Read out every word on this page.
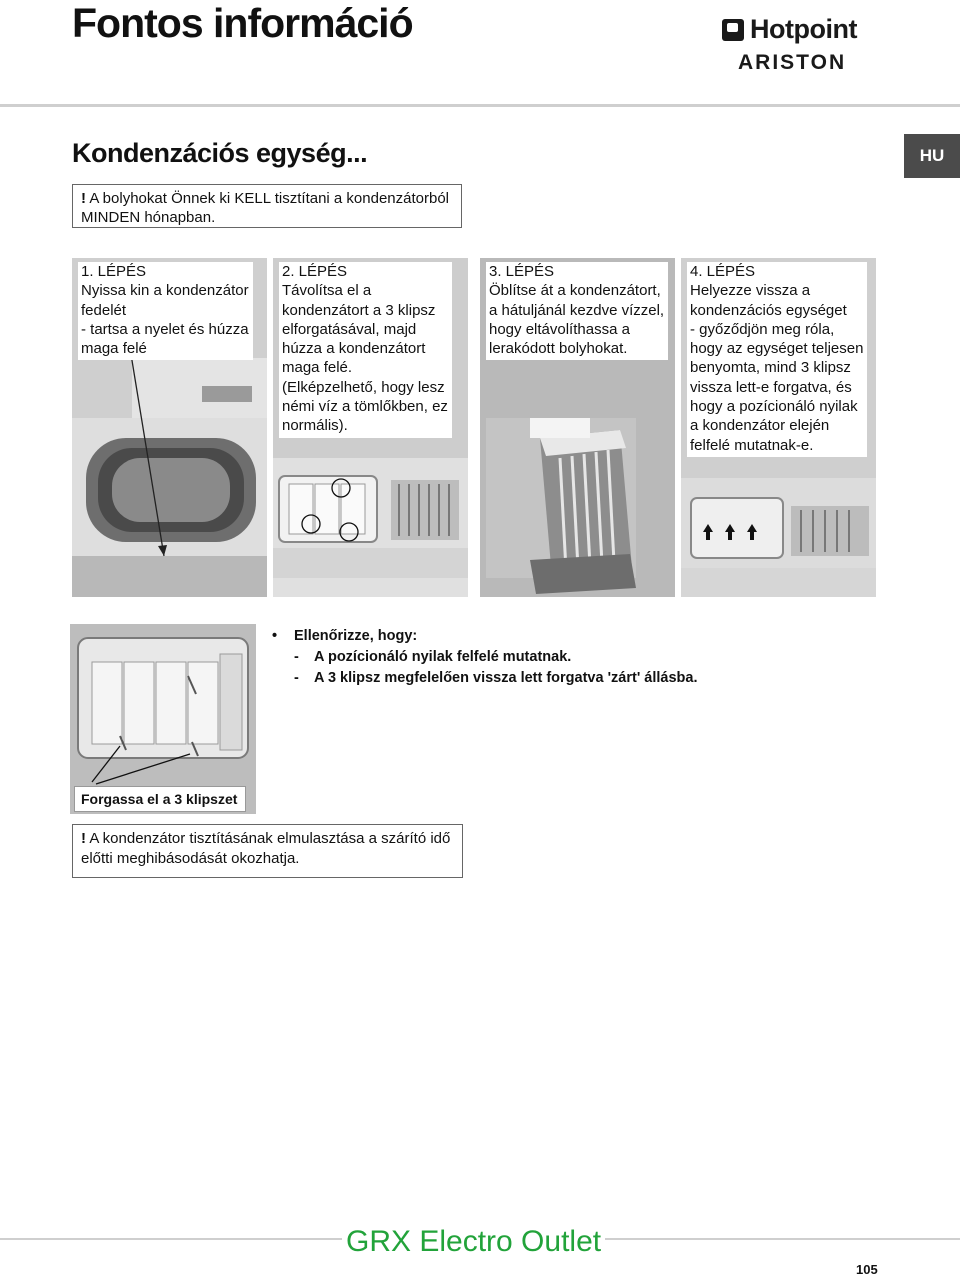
Fontos információ	Hotpoint
ARISTON
Kondenzációs egység...	HU
! A bolyhokat Önnek ki KELL tisztítani a kondenzátorból MINDEN hónapban.
1. LÉPÉS
Nyissa kin a kondenzátor
fedelét
- tartsa a nyelet és húzza
maga felé
2. LÉPÉS
Távolítsa el a
kondenzátort a 3 klipsz
elforgatásával, majd
húzza a kondenzátort
maga felé.
(Elképzelhető, hogy lesz
némi víz a tömlőkben, ez
normális).
3. LÉPÉS
Öblítse át a kondenzátort,
a hátuljánál kezdve vízzel,
hogy eltávolíthassa a
lerakódott bolyhokat.
4. LÉPÉS
Helyezze vissza a
kondenzációs egységet
- győződjön meg róla,
hogy az egységet teljesen
benyomta, mind 3 klipsz
vissza lett-e forgatva, és
hogy a pozícionáló nyilak
a kondenzátor elején
felfelé mutatnak-e.
Forgassa el a 3 klipszet
•	Ellenőrizze, hogy:
-	A pozícionáló nyilak felfelé mutatnak.
-	A 3 klipsz megfelelően vissza lett forgatva 'zárt' állásba.
! A kondenzátor tisztításának elmulasztása a szárító idő előtti meghibásodását okozhatja.
GRX Electro Outlet
105
